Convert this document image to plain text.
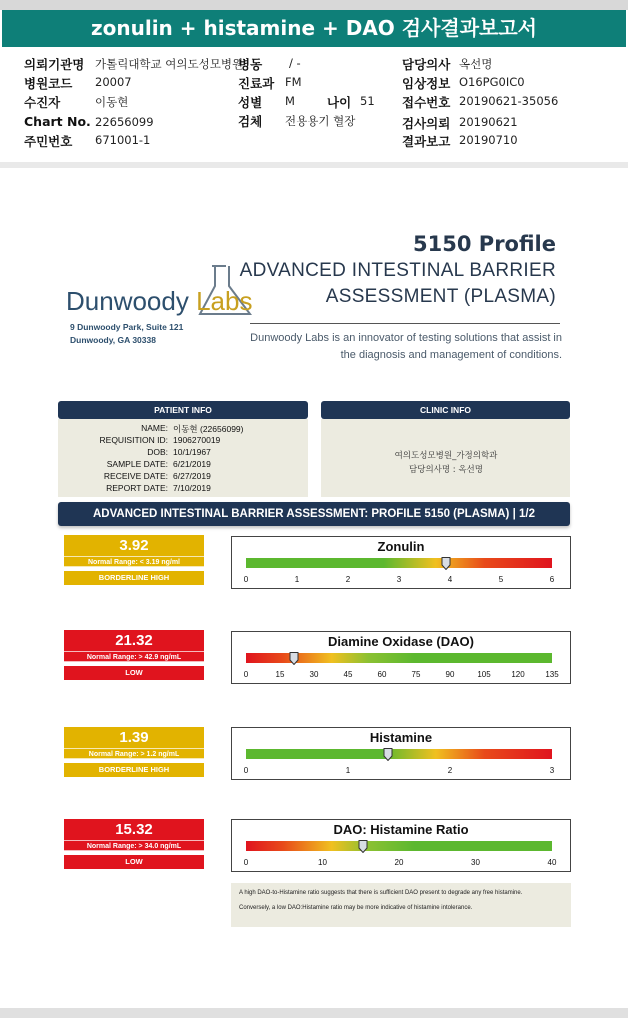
zonulin + histamine + DAO 검사결과보고서
의뢰기관명 가톨릭대학교 여의도성모병원
병동 / -	담당의사 옥선명
병원코드 20007	진료과 FM	임상정보 O16PG0IC0
수진자	이동현	성별 M	나이 51 접수번호 20190621-35056
Chart No. 22656099	검체 전용용기 혈장	검사의뢰 20190621
주민번호 671001-1	결과보고 20190710
5150 Profile
ADVANCED INTESTINAL BARRIER
ASSESSMENT (PLASMA)
Dunwoody Labs
9 Dunwoody Park, Suite 121
Dunwoody, GA 30338	Dunwoody Labs is an innovator of testing solutions that assist in
the diagnosis and management of conditions.
PATIENT INFO
NAME: 이동현 (22656099)
REQUISITION ID: 1906270019
DOB: 10/1/1967
SAMPLE DATE: 6/21/2019
RECEIVE DATE: 6/27/2019
REPORT DATE: 7/10/2019
CLINIC INFO
여의도성모병원_가정의학과
담당의사명 : 옥선명
ADVANCED INTESTINAL BARRIER ASSESSMENT: PROFILE 5150 (PLASMA) | 1/2
3.92
Normal Range: < 3.19 ng/ml
BORDERLINE HIGH
Zonulin
0	1	2	3	4	5	6
21.32
Normal Range: > 42.9 ng/mL
LOW
Diamine Oxidase (DAO)
0	15	30	45	60	75	90	105	120	135
1.39
Normal Range: > 1.2 ng/mL
BORDERLINE HIGH
Histamine
0	1	2	3
15.32
Normal Range: > 34.0 ng/mL
LOW
DAO: Histamine Ratio
0	10	20	30	40
A high DAO-to-Histamine ratio suggests that there is sufficient DAO present to degrade any free histamine.
Conversely, a low DAO:Histamine ratio may be more indicative of histamine intolerance.
